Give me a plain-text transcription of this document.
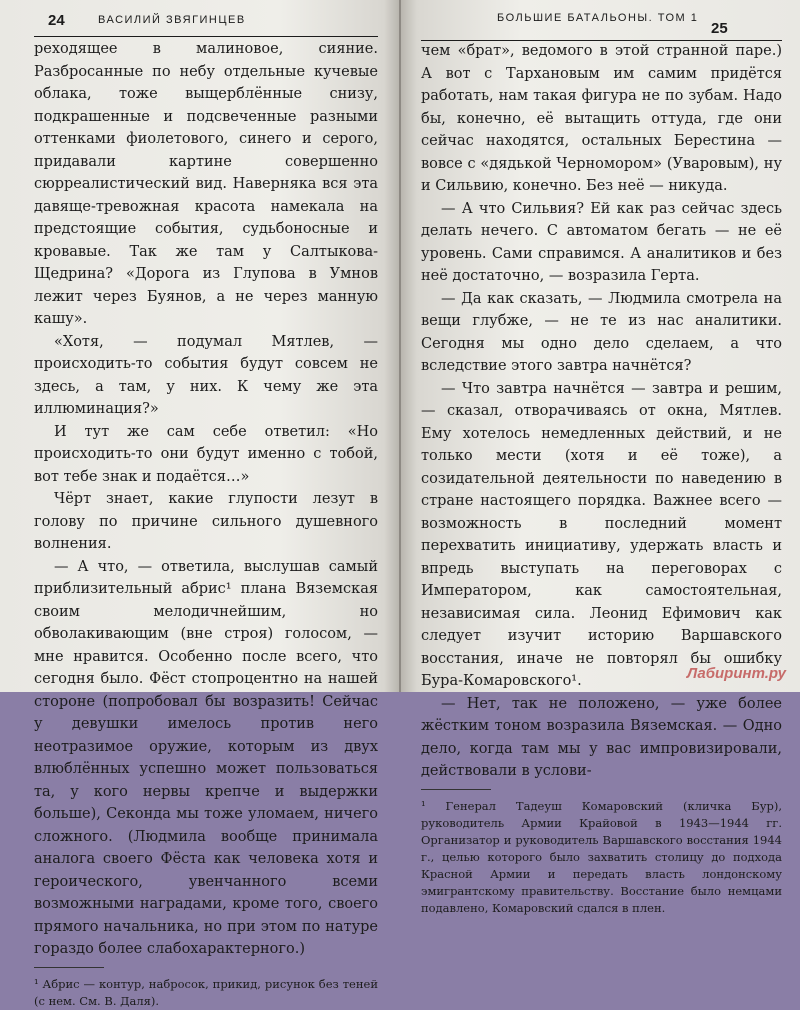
24	ВАСИЛИЙ ЗВЯГИНЦЕВ

реходящее в малиновое, сияние. Разбросанные по небу отдельные кучевые облака, тоже выщерблённые снизу, подкрашенные и подсвеченные разными оттенками фиолетового, синего и серого, придавали картине совершенно сюрреалистический вид. Наверняка вся эта давяще-тревожная красота намекала на предстоящие события, судьбоносные и кровавые. Так же там у Салтыкова-Щедрина? «Дорога из Глупова в Умнов лежит через Буянов, а не через манную кашу».

«Хотя, — подумал Мятлев, — происходить-то события будут совсем не здесь, а там, у них. К чему же эта иллюминация?»

И тут же сам себе ответил: «Но происходить-то они будут именно с тобой, вот тебе знак и подаётся…»

Чёрт знает, какие глупости лезут в голову по причине сильного душевного волнения.

— А что, — ответила, выслушав самый приблизительный абрис¹ плана Вяземская своим мелодичнейшим, но обволакивающим (вне строя) голосом, — мне нравится. Особенно после всего, что сегодня было. Фёст стопроцентно на нашей стороне (попробовал бы возразить! Сейчас у девушки имелось против него неотразимое оружие, которым из двух влюблённых успешно может пользоваться та, у кого нервы крепче и выдержки больше), Секонда мы тоже уломаем, ничего сложного. (Людмила вообще принимала аналога своего Фёста как человека хотя и героического, увенчанного всеми возможными наградами, кроме того, своего прямого начальника, но при этом по натуре гораздо более слабохарактерного.)

¹ Абрис — контур, набросок, прикид, рисунок без теней (с нем. См. В. Даля).
БОЛЬШИЕ БАТАЛЬОНЫ. ТОМ 1
25

чем «брат», ведомого в этой странной паре.) А вот с Тархановым им самим придётся работать, нам такая фигура не по зубам. Надо бы, конечно, её вытащить оттуда, где они сейчас находятся, остальных Берестина — вовсе с «дядькой Черномором» (Уваровым), ну и Сильвию, конечно. Без неё — никуда.

— А что Сильвия? Ей как раз сейчас здесь делать нечего. С автоматом бегать — не её уровень. Сами справимся. А аналитиков и без неё достаточно, — возразила Герта.

— Да как сказать, — Людмила смотрела на вещи глубже, — не те из нас аналитики. Сегодня мы одно дело сделаем, а что вследствие этого завтра начнётся?

— Что завтра начнётся — завтра и решим, — сказал, отворачиваясь от окна, Мятлев. Ему хотелось немедленных действий, и не только мести (хотя и её тоже), а созидательной деятельности по наведению в стране настоящего порядка. Важнее всего — возможность в последний момент перехватить инициативу, удержать власть и впредь выступать на переговорах с Императором, как самостоятельная, независимая сила. Леонид Ефимович как следует изучит историю Варшавского восстания, иначе не повторял бы ошибку Бура-Комаровского¹.

— Нет, так не положено, — уже более жёстким тоном возразила Вяземская. — Одно дело, когда там мы у вас импровизировали, действовали в услови-

¹ Генерал Тадеуш Комаровский (кличка Бур), руководитель Армии Крайовой в 1943—1944 гг. Организатор и руководитель Варшавского восстания 1944 г., целью которого было захватить столицу до подхода Красной Армии и передать власть лондонскому эмигрантскому правительству. Восстание было немцами подавлено, Комаровский сдался в плен.
Лабиринт.ру
